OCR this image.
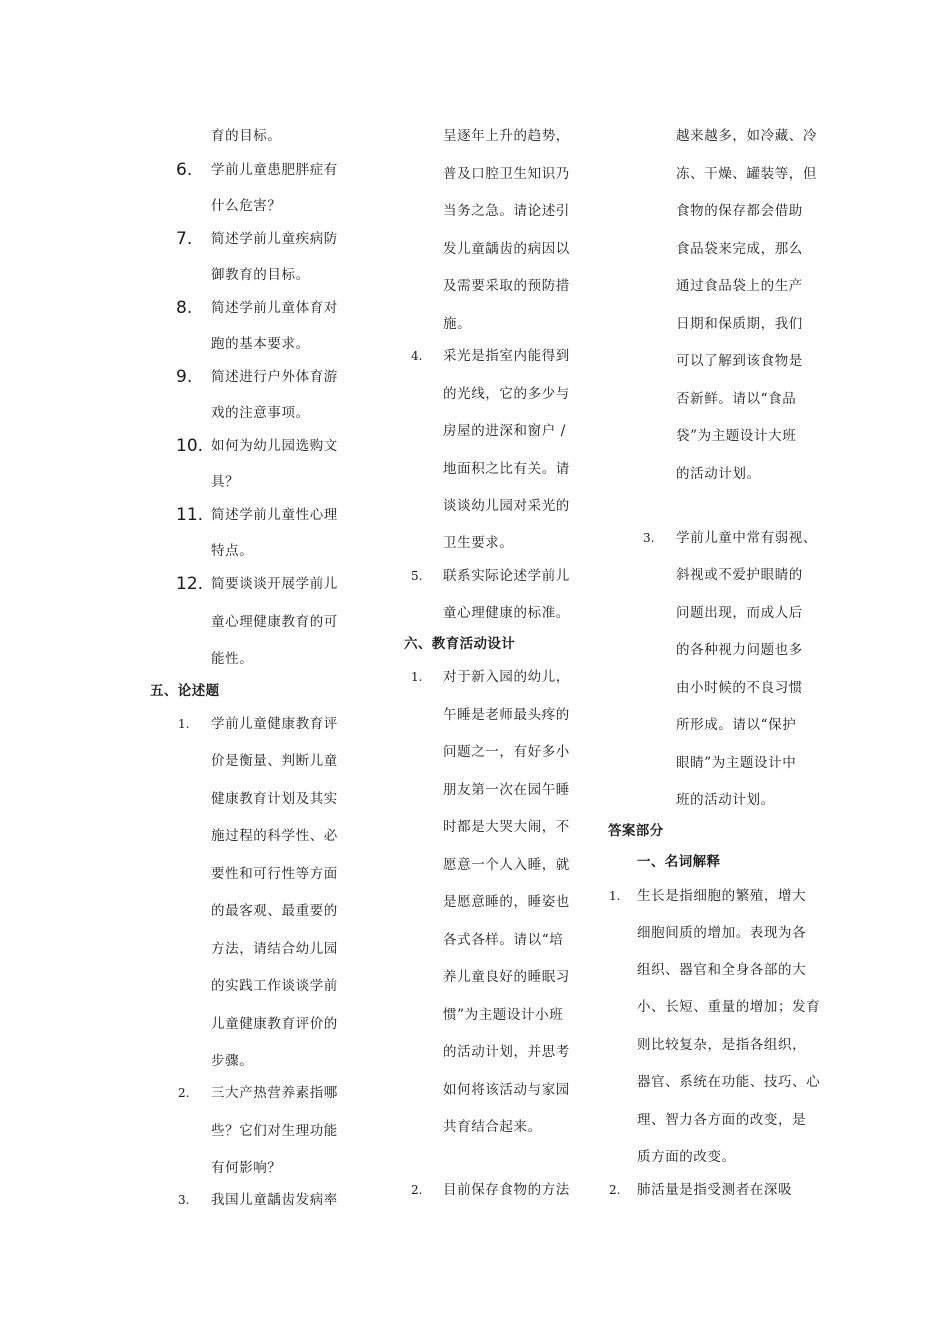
育的目标。
6. 学前儿童患肥胖症有
什么危害？
7. 简述学前儿童疾病防
御教育的目标。
8. 简述学前儿童体育对
跑的基本要求。
9. 简述进行户外体育游
戏的注意事项。
10. 如何为幼儿园选购文
具？
11. 简述学前儿童性心理
特点。
12. 简要谈谈开展学前儿
童心理健康教育的可
能性。
五、论述题
1. 学前儿童健康教育评
价是衡量、判断儿童
健康教育计划及其实
施过程的科学性、必
要性和可行性等方面
的最客观、最重要的
方法，请结合幼儿园
的实践工作谈谈学前
儿童健康教育评价的
步骤。
2. 三大产热营养素指哪
些？它们对生理功能
有何影响？
3. 我国儿童龋齿发病率
呈逐年上升的趋势，
普及口腔卫生知识乃
当务之急。请论述引
发儿童龋齿的病因以
及需要采取的预防措
施。
4. 采光是指室内能得到
的光线，它的多少与
房屋的进深和窗户 /
地面积之比有关。请
谈谈幼儿园对采光的
卫生要求。
5. 联系实际论述学前儿
童心理健康的标准。
六、教育活动设计
1. 对于新入园的幼儿，
午睡是老师最头疼的
问题之一，有好多小
朋友第一次在园午睡
时都是大哭大闹，不
愿意一个人入睡，就
是愿意睡的，睡姿也
各式各样。请以“培
养儿童良好的睡眠习
惯”为主题设计小班
的活动计划，并思考
如何将该活动与家园
共育结合起来。
2. 目前保存食物的方法
越来越多，如冷藏、冷
冻、干燥、罐装等，但
食物的保存都会借助
食品袋来完成，那么
通过食品袋上的生产
日期和保质期，我们
可以了解到该食物是
否新鲜。请以“食品
袋”为主题设计大班
的活动计划。
3. 学前儿童中常有弱视、
斜视或不爱护眼睛的
问题出现，而成人后
的各种视力问题也多
由小时候的不良习惯
所形成。请以“保护
眼睛”为主题设计中
班的活动计划。
答案部分
一、名词解释
1. 生长是指细胞的繁殖，增大
细胞间质的增加。表现为各
组织、器官和全身各部的大
小、长短、重量的增加；发育
则比较复杂，是指各组织，
器官、系统在功能、技巧、心
理、智力各方面的改变，是
质方面的改变。
2. 肺活量是指受测者在深吸
